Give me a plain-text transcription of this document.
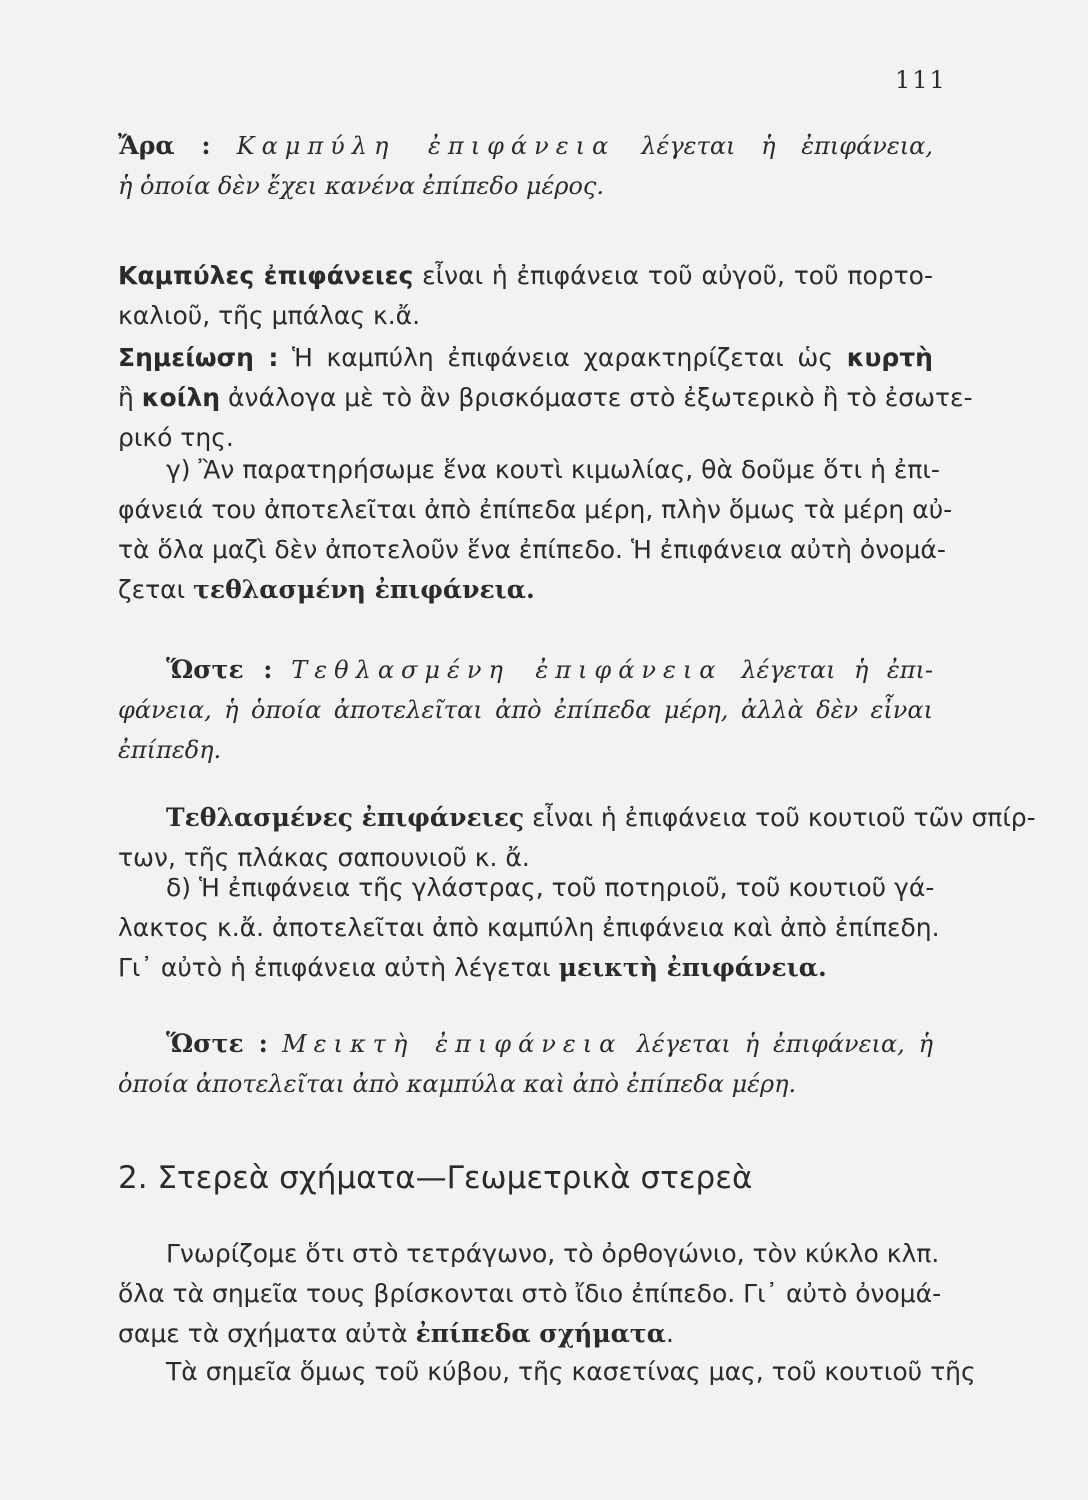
111
Ἄρα : Καμπύλη ἐπιφάνεια λέγεται ἡ ἐπιφάνεια,
ἡ ὁποία δὲν ἔχει κανένα ἐπίπεδο μέρος.
Καμπύλες ἐπιφάνειες εἶναι ἡ ἐπιφάνεια τοῦ αὐγοῦ, τοῦ πορτο-
καλιοῦ, τῆς μπάλας κ.ἄ.
Σημείωση : Ἡ καμπύλη ἐπιφάνεια χαρακτηρίζεται ὡς κυρτὴ
ἢ κοίλη ἀνάλογα μὲ τὸ ἂν βρισκόμαστε στὸ ἐξωτερικὸ ἢ τὸ ἐσωτε-
ρικό της.
γ) Ἂν παρατηρήσωμε ἕνα κουτὶ κιμωλίας, θὰ δοῦμε ὅτι ἡ ἐπι-
φάνειά του ἀποτελεῖται ἀπὸ ἐπίπεδα μέρη, πλὴν ὅμως τὰ μέρη αὐ-
τὰ ὅλα μαζὶ δὲν ἀποτελοῦν ἕνα ἐπίπεδο. Ἡ ἐπιφάνεια αὐτὴ ὀνομά-
ζεται τεθλασμένη ἐπιφάνεια.
Ὥστε : Τεθλασμένη ἐπιφάνεια λέγεται ἡ ἐπι-
φάνεια, ἡ ὁποία ἀποτελεῖται ἀπὸ ἐπίπεδα μέρη, ἀλλὰ δὲν εἶναι
ἐπίπεδη.
Τεθλασμένες ἐπιφάνειες εἶναι ἡ ἐπιφάνεια τοῦ κουτιοῦ τῶν σπίρ-
των, τῆς πλάκας σαπουνιοῦ κ. ἄ.
δ) Ἡ ἐπιφάνεια τῆς γλάστρας, τοῦ ποτηριοῦ, τοῦ κουτιοῦ γά-
λακτος κ.ἄ. ἀποτελεῖται ἀπὸ καμπύλη ἐπιφάνεια καὶ ἀπὸ ἐπίπεδη.
Γι᾿ αὐτὸ ἡ ἐπιφάνεια αὐτὴ λέγεται μεικτὴ ἐπιφάνεια.
Ὥστε : Μεικτὴ ἐπιφάνεια λέγεται ἡ ἐπιφάνεια, ἡ
ὁποία ἀποτελεῖται ἀπὸ καμπύλα καὶ ἀπὸ ἐπίπεδα μέρη.
2. Στερεὰ σχήματα—Γεωμετρικὰ στερεὰ
Γνωρίζομε ὅτι στὸ τετράγωνο, τὸ ὀρθογώνιο, τὸν κύκλο κλπ.
ὅλα τὰ σημεῖα τους βρίσκονται στὸ ἴδιο ἐπίπεδο. Γι᾿ αὐτὸ ὀνομά-
σαμε τὰ σχήματα αὐτὰ ἐπίπεδα σχήματα.
Τὰ σημεῖα ὅμως τοῦ κύβου, τῆς κασετίνας μας, τοῦ κουτιοῦ τῆς
